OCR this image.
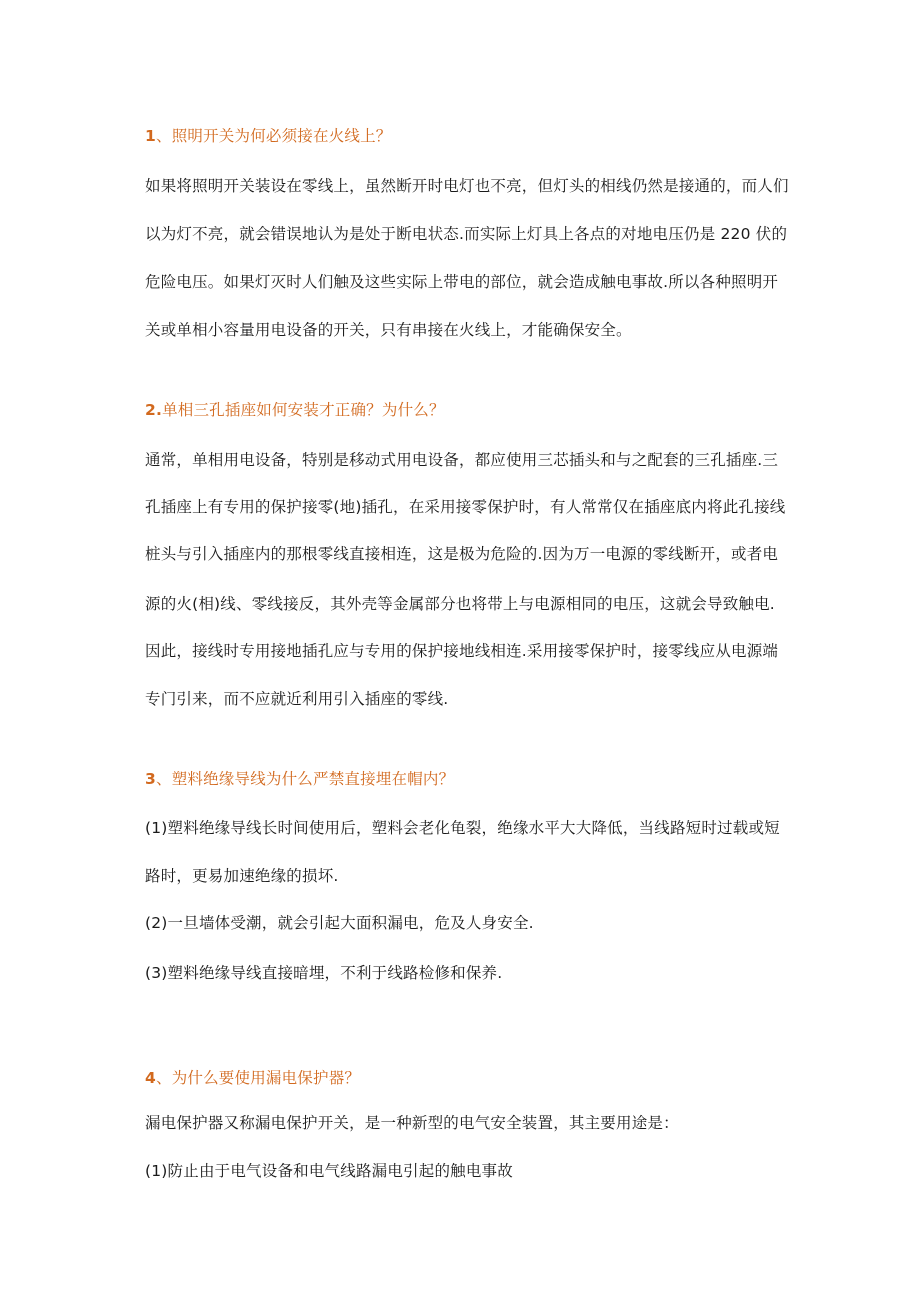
1、照明开关为何必须接在火线上？
如果将照明开关装设在零线上，虽然断开时电灯也不亮，但灯头的相线仍然是接通的，而人们
以为灯不亮，就会错误地认为是处于断电状态.而实际上灯具上各点的对地电压仍是 220 伏的
危险电压。如果灯灭时人们触及这些实际上带电的部位，就会造成触电事故.所以各种照明开
关或单相小容量用电设备的开关，只有串接在火线上，才能确保安全。
2.单相三孔插座如何安装才正确？为什么？
通常，单相用电设备，特别是移动式用电设备，都应使用三芯插头和与之配套的三孔插座.三
孔插座上有专用的保护接零(地)插孔，在采用接零保护时，有人常常仅在插座底内将此孔接线
桩头与引入插座内的那根零线直接相连，这是极为危险的.因为万一电源的零线断开，或者电
源的火(相)线、零线接反，其外壳等金属部分也将带上与电源相同的电压，这就会导致触电.
因此，接线时专用接地插孔应与专用的保护接地线相连.采用接零保护时，接零线应从电源端
专门引来，而不应就近利用引入插座的零线.
3、塑料绝缘导线为什么严禁直接埋在帽内？
(1)塑料绝缘导线长时间使用后，塑料会老化龟裂，绝缘水平大大降低，当线路短时过载或短
路时，更易加速绝缘的损坏.
(2)一旦墙体受潮，就会引起大面积漏电，危及人身安全.
(3)塑料绝缘导线直接暗埋，不利于线路检修和保养.
4、为什么要使用漏电保护器？
漏电保护器又称漏电保护开关，是一种新型的电气安全装置，其主要用途是：
(1)防止由于电气设备和电气线路漏电引起的触电事故
